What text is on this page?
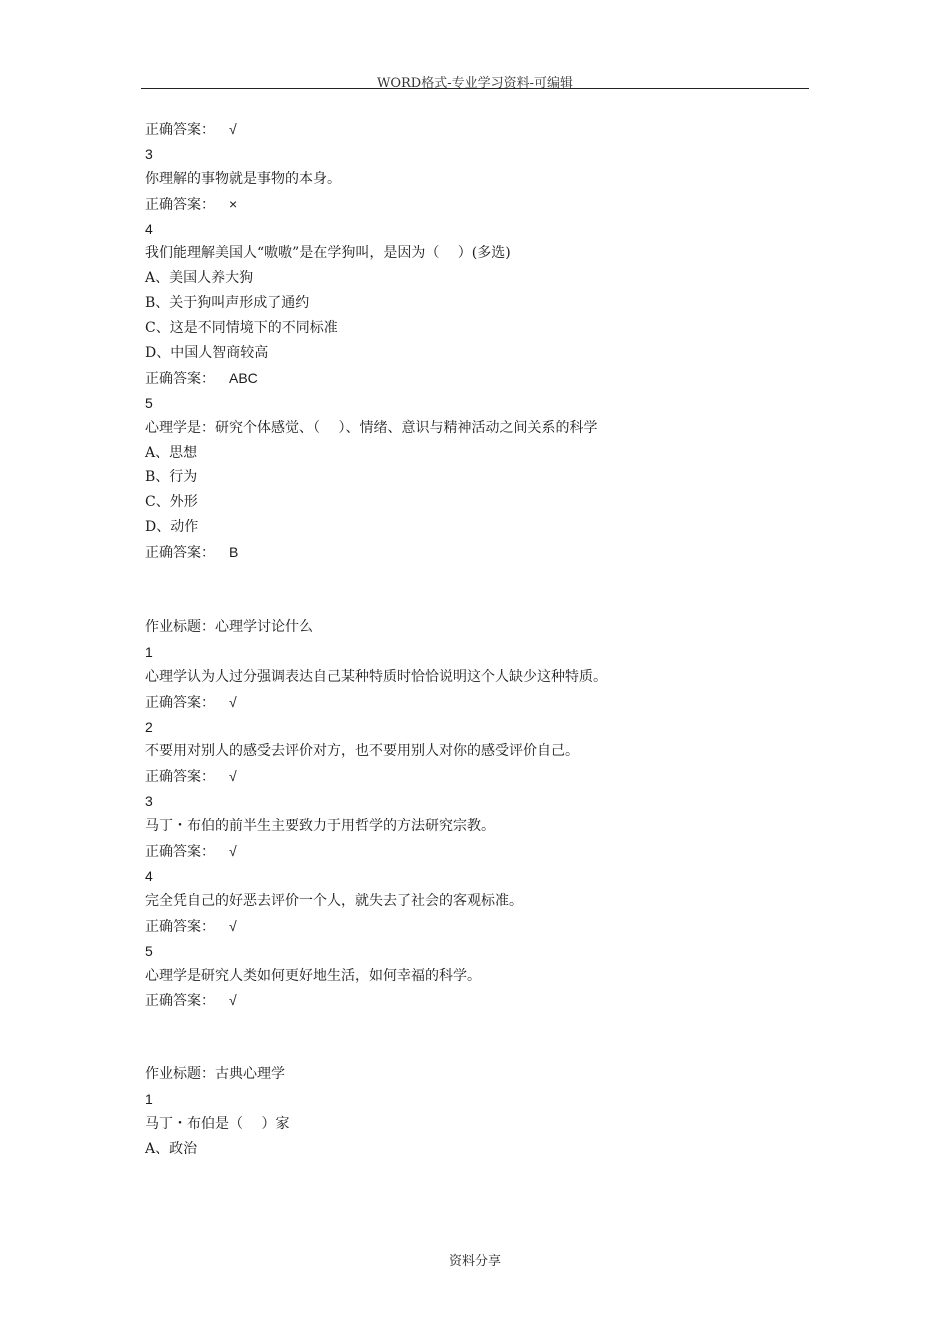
WORD格式-专业学习资料-可编辑
正确答案： √
3
你理解的事物就是事物的本身。
正确答案： ×
4
我们能理解美国人“嗷嗷”是在学狗叫，是因为（　 ）(多选)
A、美国人养大狗
B、关于狗叫声形成了通约
C、这是不同情境下的不同标准
D、中国人智商较高
正确答案： ABC
5
心理学是：研究个体感觉、（　 ）、情绪、意识与精神活动之间关系的科学
A、思想
B、行为
C、外形
D、动作
正确答案： B
作业标题：心理学讨论什么
1
心理学认为人过分强调表达自己某种特质时恰恰说明这个人缺少这种特质。
正确答案： √
2
不要用对别人的感受去评价对方，也不要用别人对你的感受评价自己。
正确答案： √
3
马丁・布伯的前半生主要致力于用哲学的方法研究宗教。
正确答案： √
4
完全凭自己的好恶去评价一个人，就失去了社会的客观标准。
正确答案： √
5
心理学是研究人类如何更好地生活，如何幸福的科学。
正确答案： √
作业标题：古典心理学
1
马丁・布伯是（　 ）家
A、政治
资料分享
